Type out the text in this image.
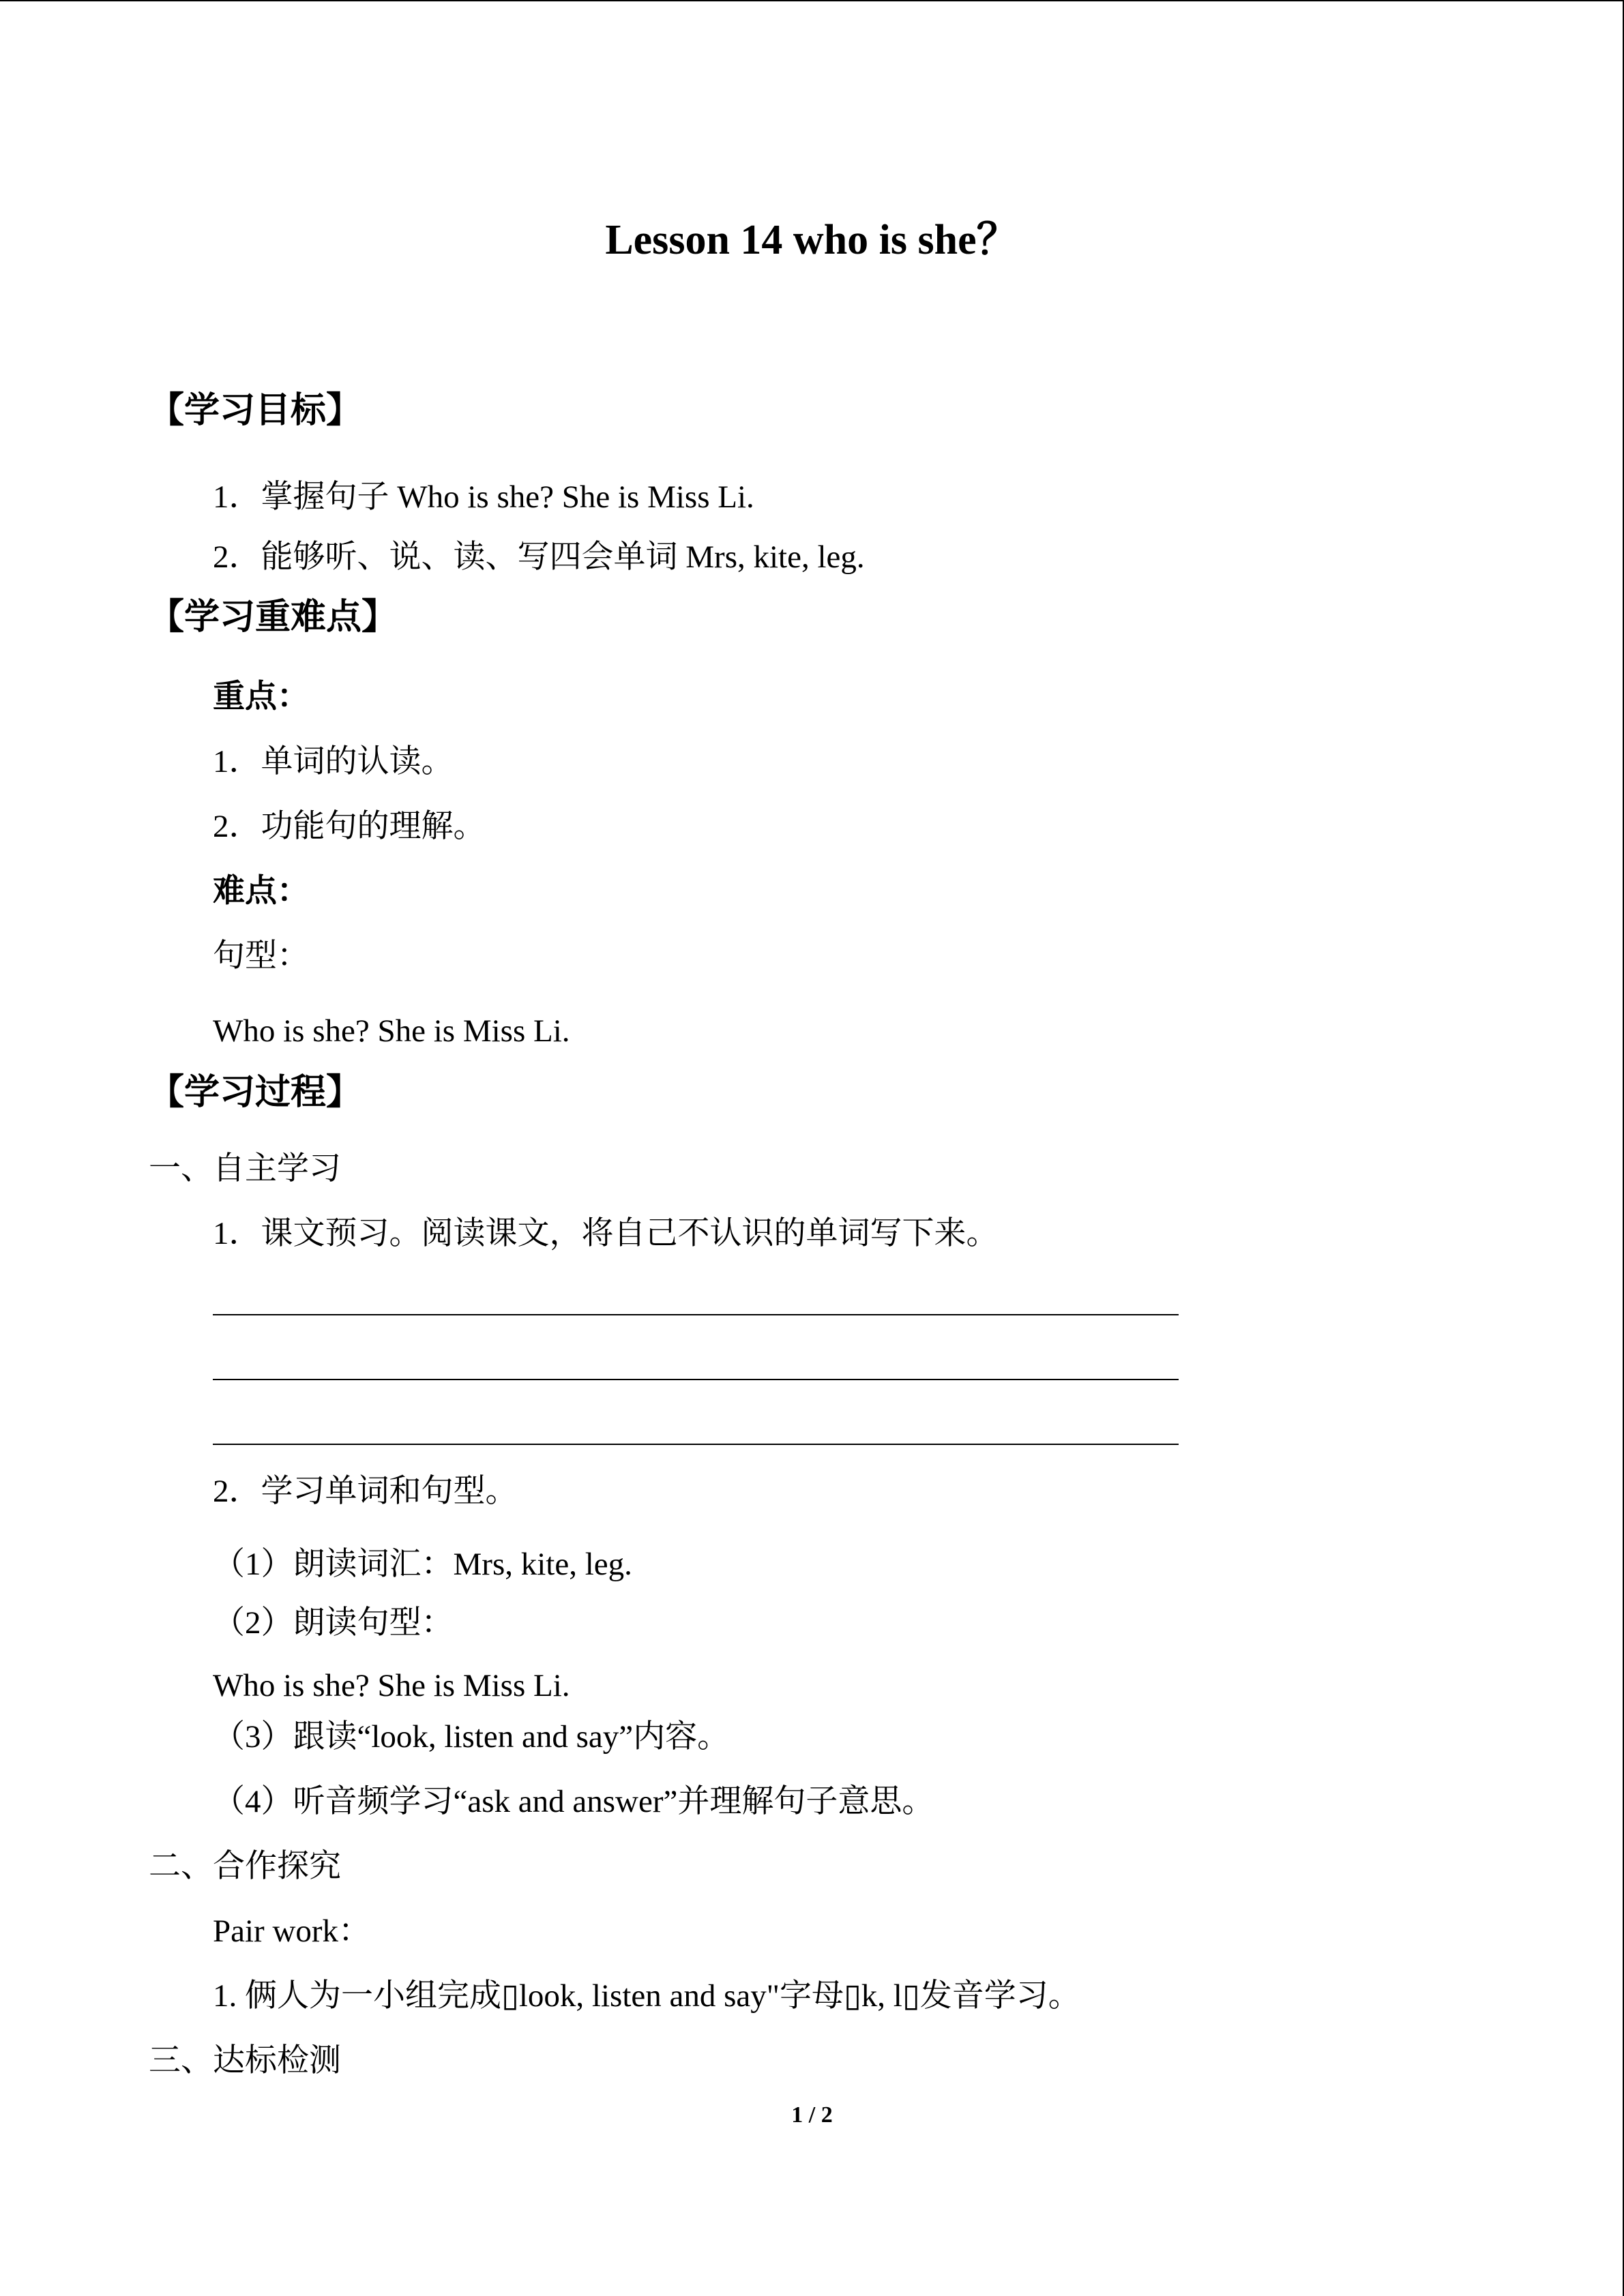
Lesson 14 who is she？
【学习目标】
1．掌握句子 Who is she? She is Miss Li.
2．能够听、说、读、写四会单词 Mrs, kite, leg.
【学习重难点】
重点：
1．单词的认读。
2．功能句的理解。
难点：
句型：
Who is she? She is Miss Li.
【学习过程】
一、自主学习
1．课文预习。阅读课文，将自己不认识的单词写下来。
2．学习单词和句型。
（1）朗读词汇：Mrs, kite, leg.
（2）朗读句型：
Who is she? She is Miss Li.
（3）跟读“look, listen and say”内容。
（4）听音频学习“ask and answer”并理解句子意思。
二、合作探究
Pair work：
1. 俩人为一小组完成▯look, listen and say"字母▯k, l▯发音学习。
三、达标检测
1 / 2
